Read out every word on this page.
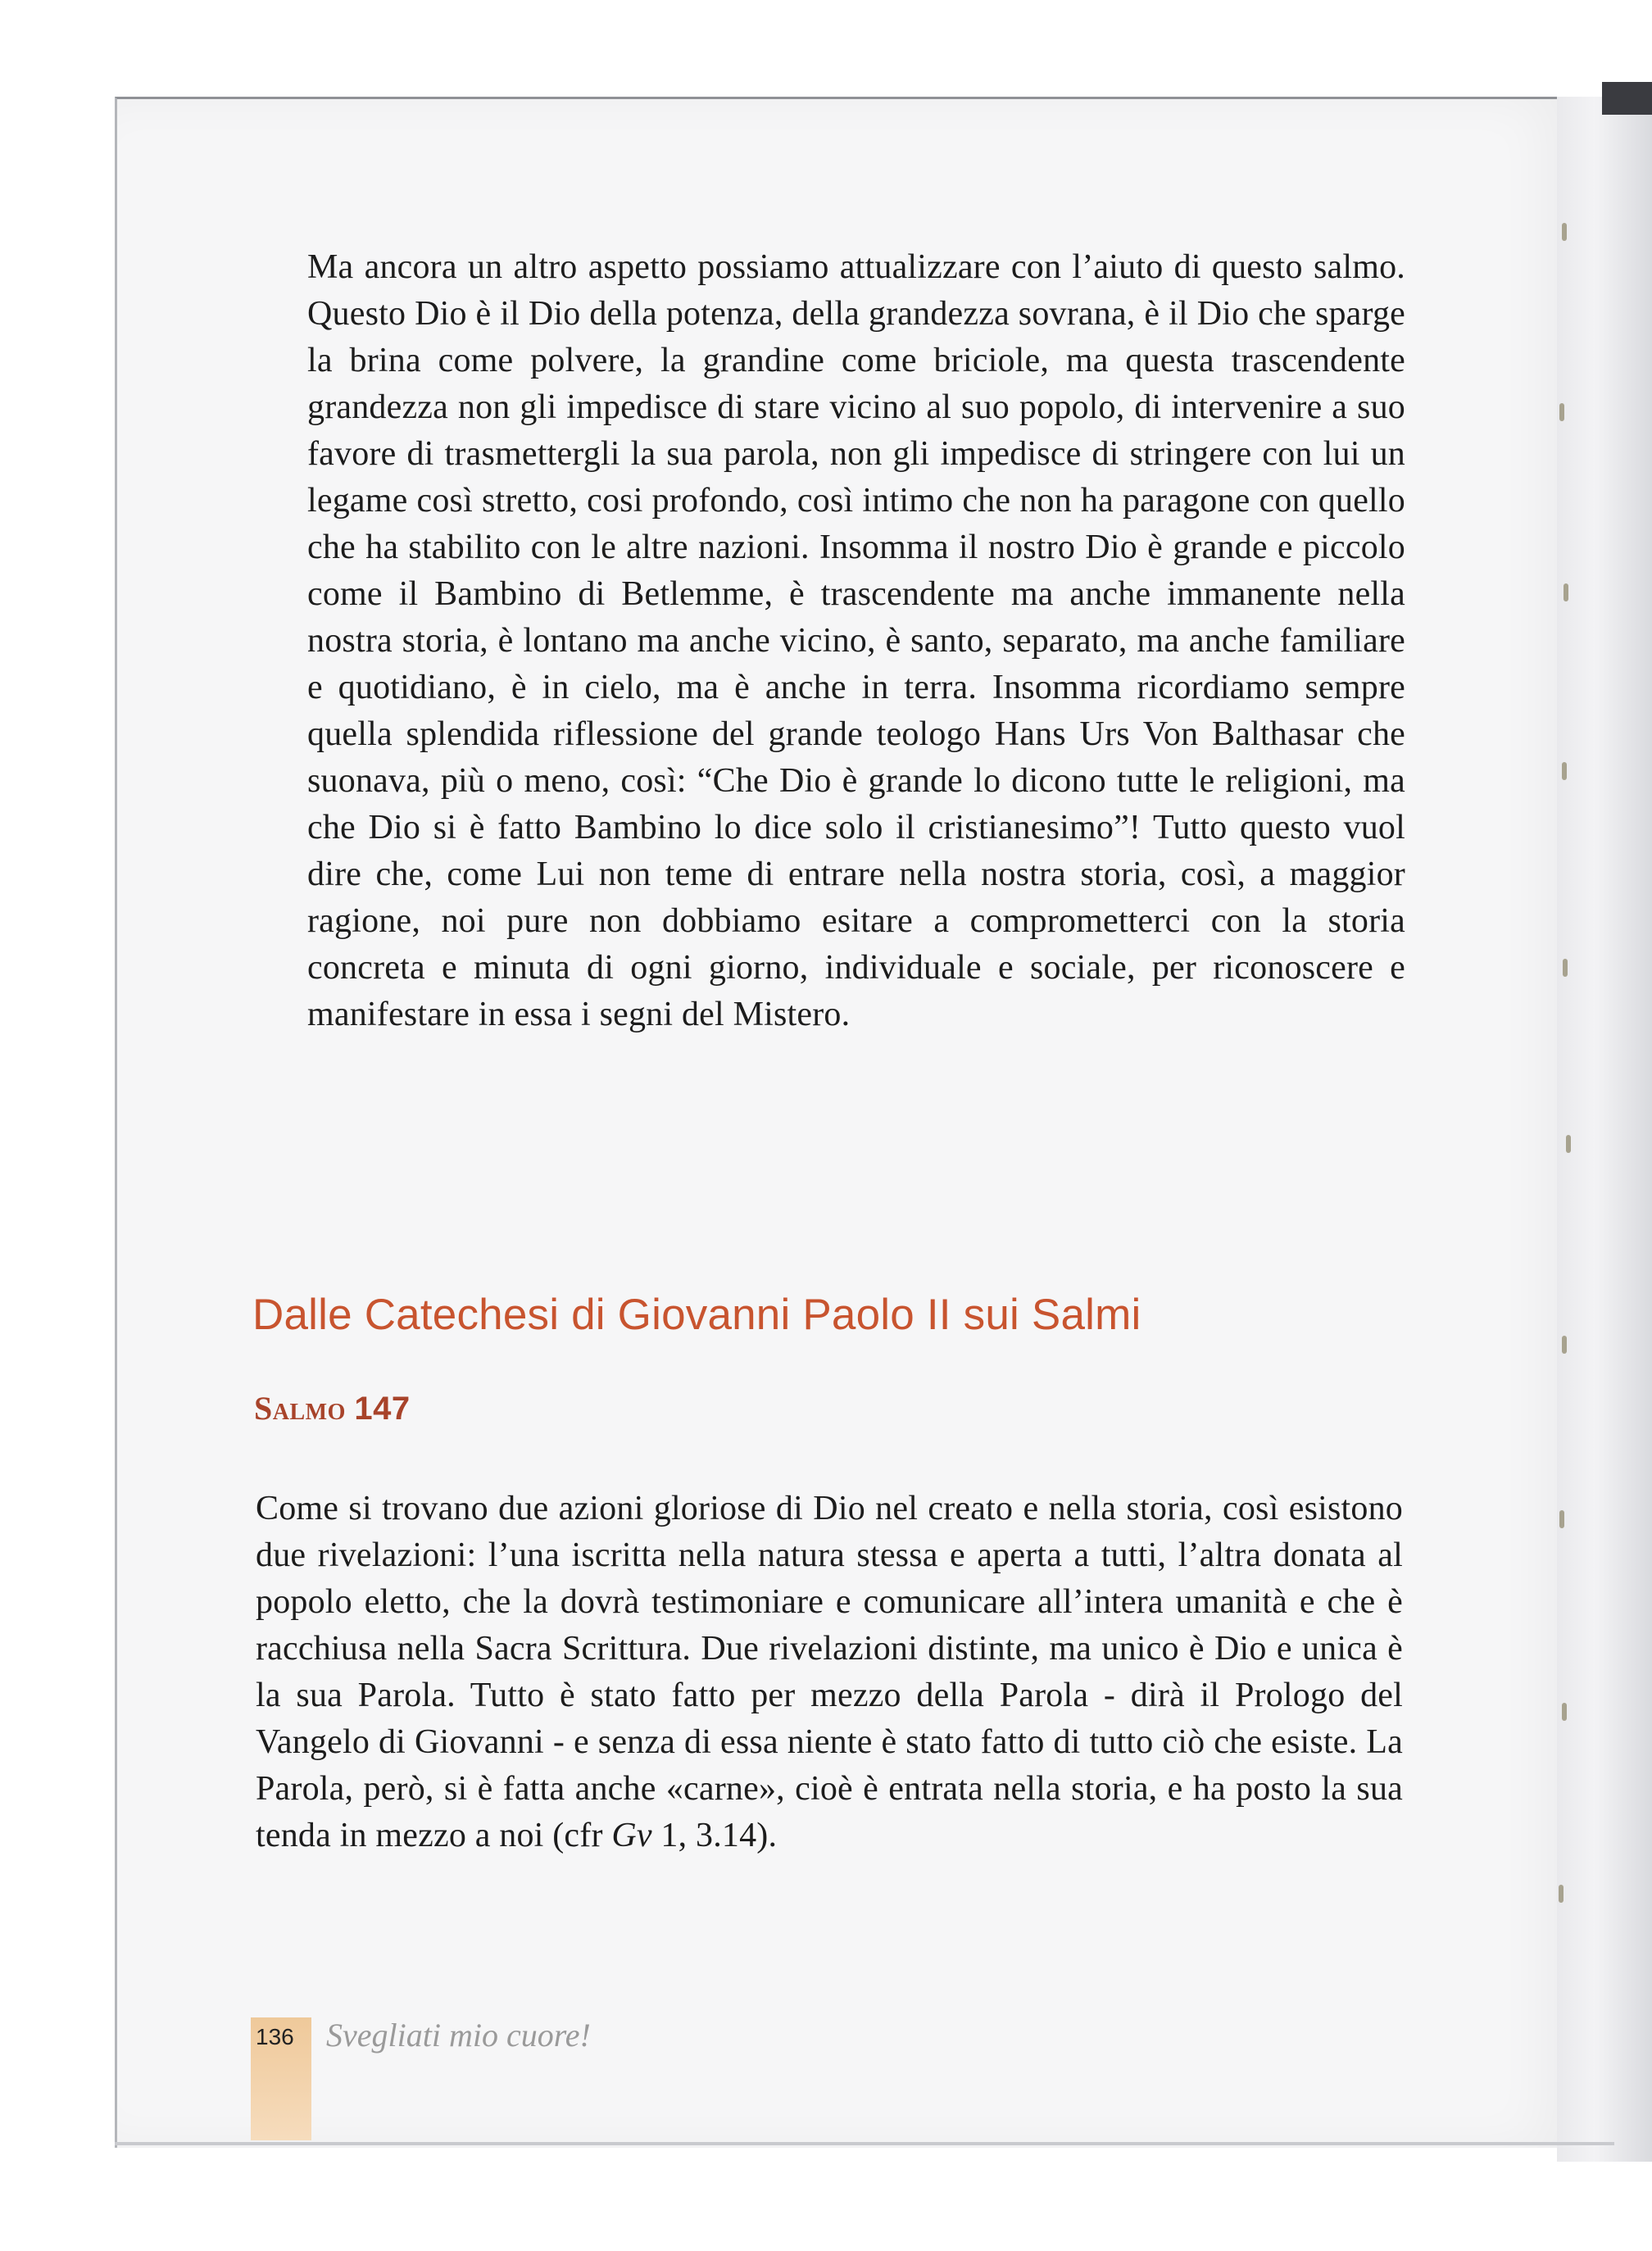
Ma ancora un altro aspetto possiamo attualizzare con l’aiuto di questo salmo. Questo Dio è il Dio della potenza, della grandezza sovrana, è il Dio che sparge la brina come polvere, la grandine come briciole, ma questa trascendente grandezza non gli impedisce di stare vicino al suo popolo, di intervenire a suo favore di trasmettergli la sua parola, non gli impedisce di stringere con lui un legame così stretto, cosi profondo, così intimo che non ha paragone con quello che ha stabilito con le altre nazioni. Insomma il nostro Dio è grande e piccolo come il Bambino di Betlemme, è trascendente ma anche immanente nella nostra storia, è lontano ma anche vicino, è santo, separato, ma anche familiare e quotidiano, è in cielo, ma è anche in terra. Insomma ricordiamo sempre quella splendida riflessione del grande teologo Hans Urs Von Balthasar che suonava, più o meno, così: “Che Dio è grande lo dicono tutte le religioni, ma che Dio si è fatto Bambino lo dice solo il cristianesimo”! Tutto questo vuol dire che, come Lui non teme di entrare nella nostra storia, così, a maggior ragione, noi pure non dobbiamo esitare a comprometterci con la storia concreta e minuta di ogni giorno, individuale e sociale, per riconoscere e manifestare in essa i segni del Mistero.

Dalle Catechesi di Giovanni Paolo II sui Salmi
Salmo 147

Come si trovano due azioni gloriose di Dio nel creato e nella storia, così esistono due rivelazioni: l’una iscritta nella natura stessa e aperta a tutti, l’altra donata al popolo eletto, che la dovrà testimoniare e comunicare all’intera umanità e che è racchiusa nella Sacra Scrittura. Due rivelazioni distinte, ma unico è Dio e unica è la sua Parola. Tutto è stato fatto per mezzo della Parola - dirà il Prologo del Vangelo di Giovanni - e senza di essa niente è stato fatto di tutto ciò che esiste. La Parola, però, si è fatta anche «carne», cioè è entrata nella storia, e ha posto la sua tenda in mezzo a noi (cfr Gv 1, 3.14).

136 Svegliati mio cuore!
